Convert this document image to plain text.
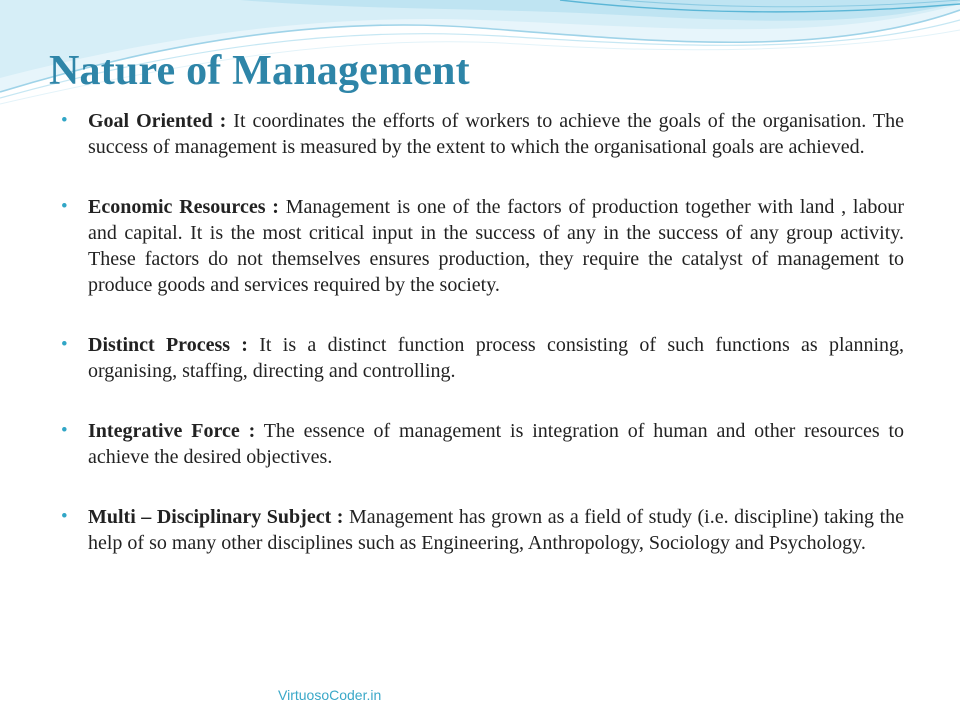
Nature of Management
• Goal Oriented : It coordinates the efforts of workers to achieve the goals of the organisation. The success of management is measured by the extent to which the organisational goals are achieved.
• Economic Resources : Management is one of the factors of production together with land , labour and capital. It is the most critical input in the success of any in the success of any group activity. These factors do not themselves ensures production, they require the catalyst of management to produce goods and services required by the society.
• Distinct Process : It is a distinct function process consisting of such functions as planning, organising, staffing, directing and controlling.
• Integrative Force : The essence of management is integration of human and other resources to achieve the desired objectives.
• Multi – Disciplinary Subject : Management has grown as a field of study (i.e. discipline) taking the help of so many other disciplines such as Engineering, Anthropology, Sociology and Psychology.
VirtuosoCoder.in
